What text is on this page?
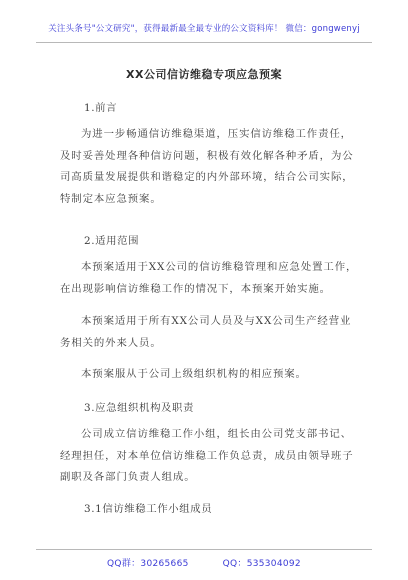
关注头条号"公文研究"，获得最新最全最专业的公文资料库！ 微信：gongwenyj
XX公司信访维稳专项应急预案
1.前言

为进一步畅通信访维稳渠道，压实信访维稳工作责任，及时妥善处理各种信访问题，积极有效化解各种矛盾，为公司高质量发展提供和谐稳定的内外部环境，结合公司实际，特制定本应急预案。

2.适用范围

本预案适用于XX公司的信访维稳管理和应急处置工作，在出现影响信访维稳工作的情况下，本预案开始实施。

本预案适用于所有XX公司人员及与XX公司生产经营业务相关的外来人员。

本预案服从于公司上级组织机构的相应预案。

3.应急组织机构及职责

公司成立信访维稳工作小组，组长由公司党支部书记、经理担任，对本单位信访维稳工作负总责，成员由领导班子副职及各部门负责人组成。

3.1信访维稳工作小组成员
QQ群：30265665	QQ：535304092
